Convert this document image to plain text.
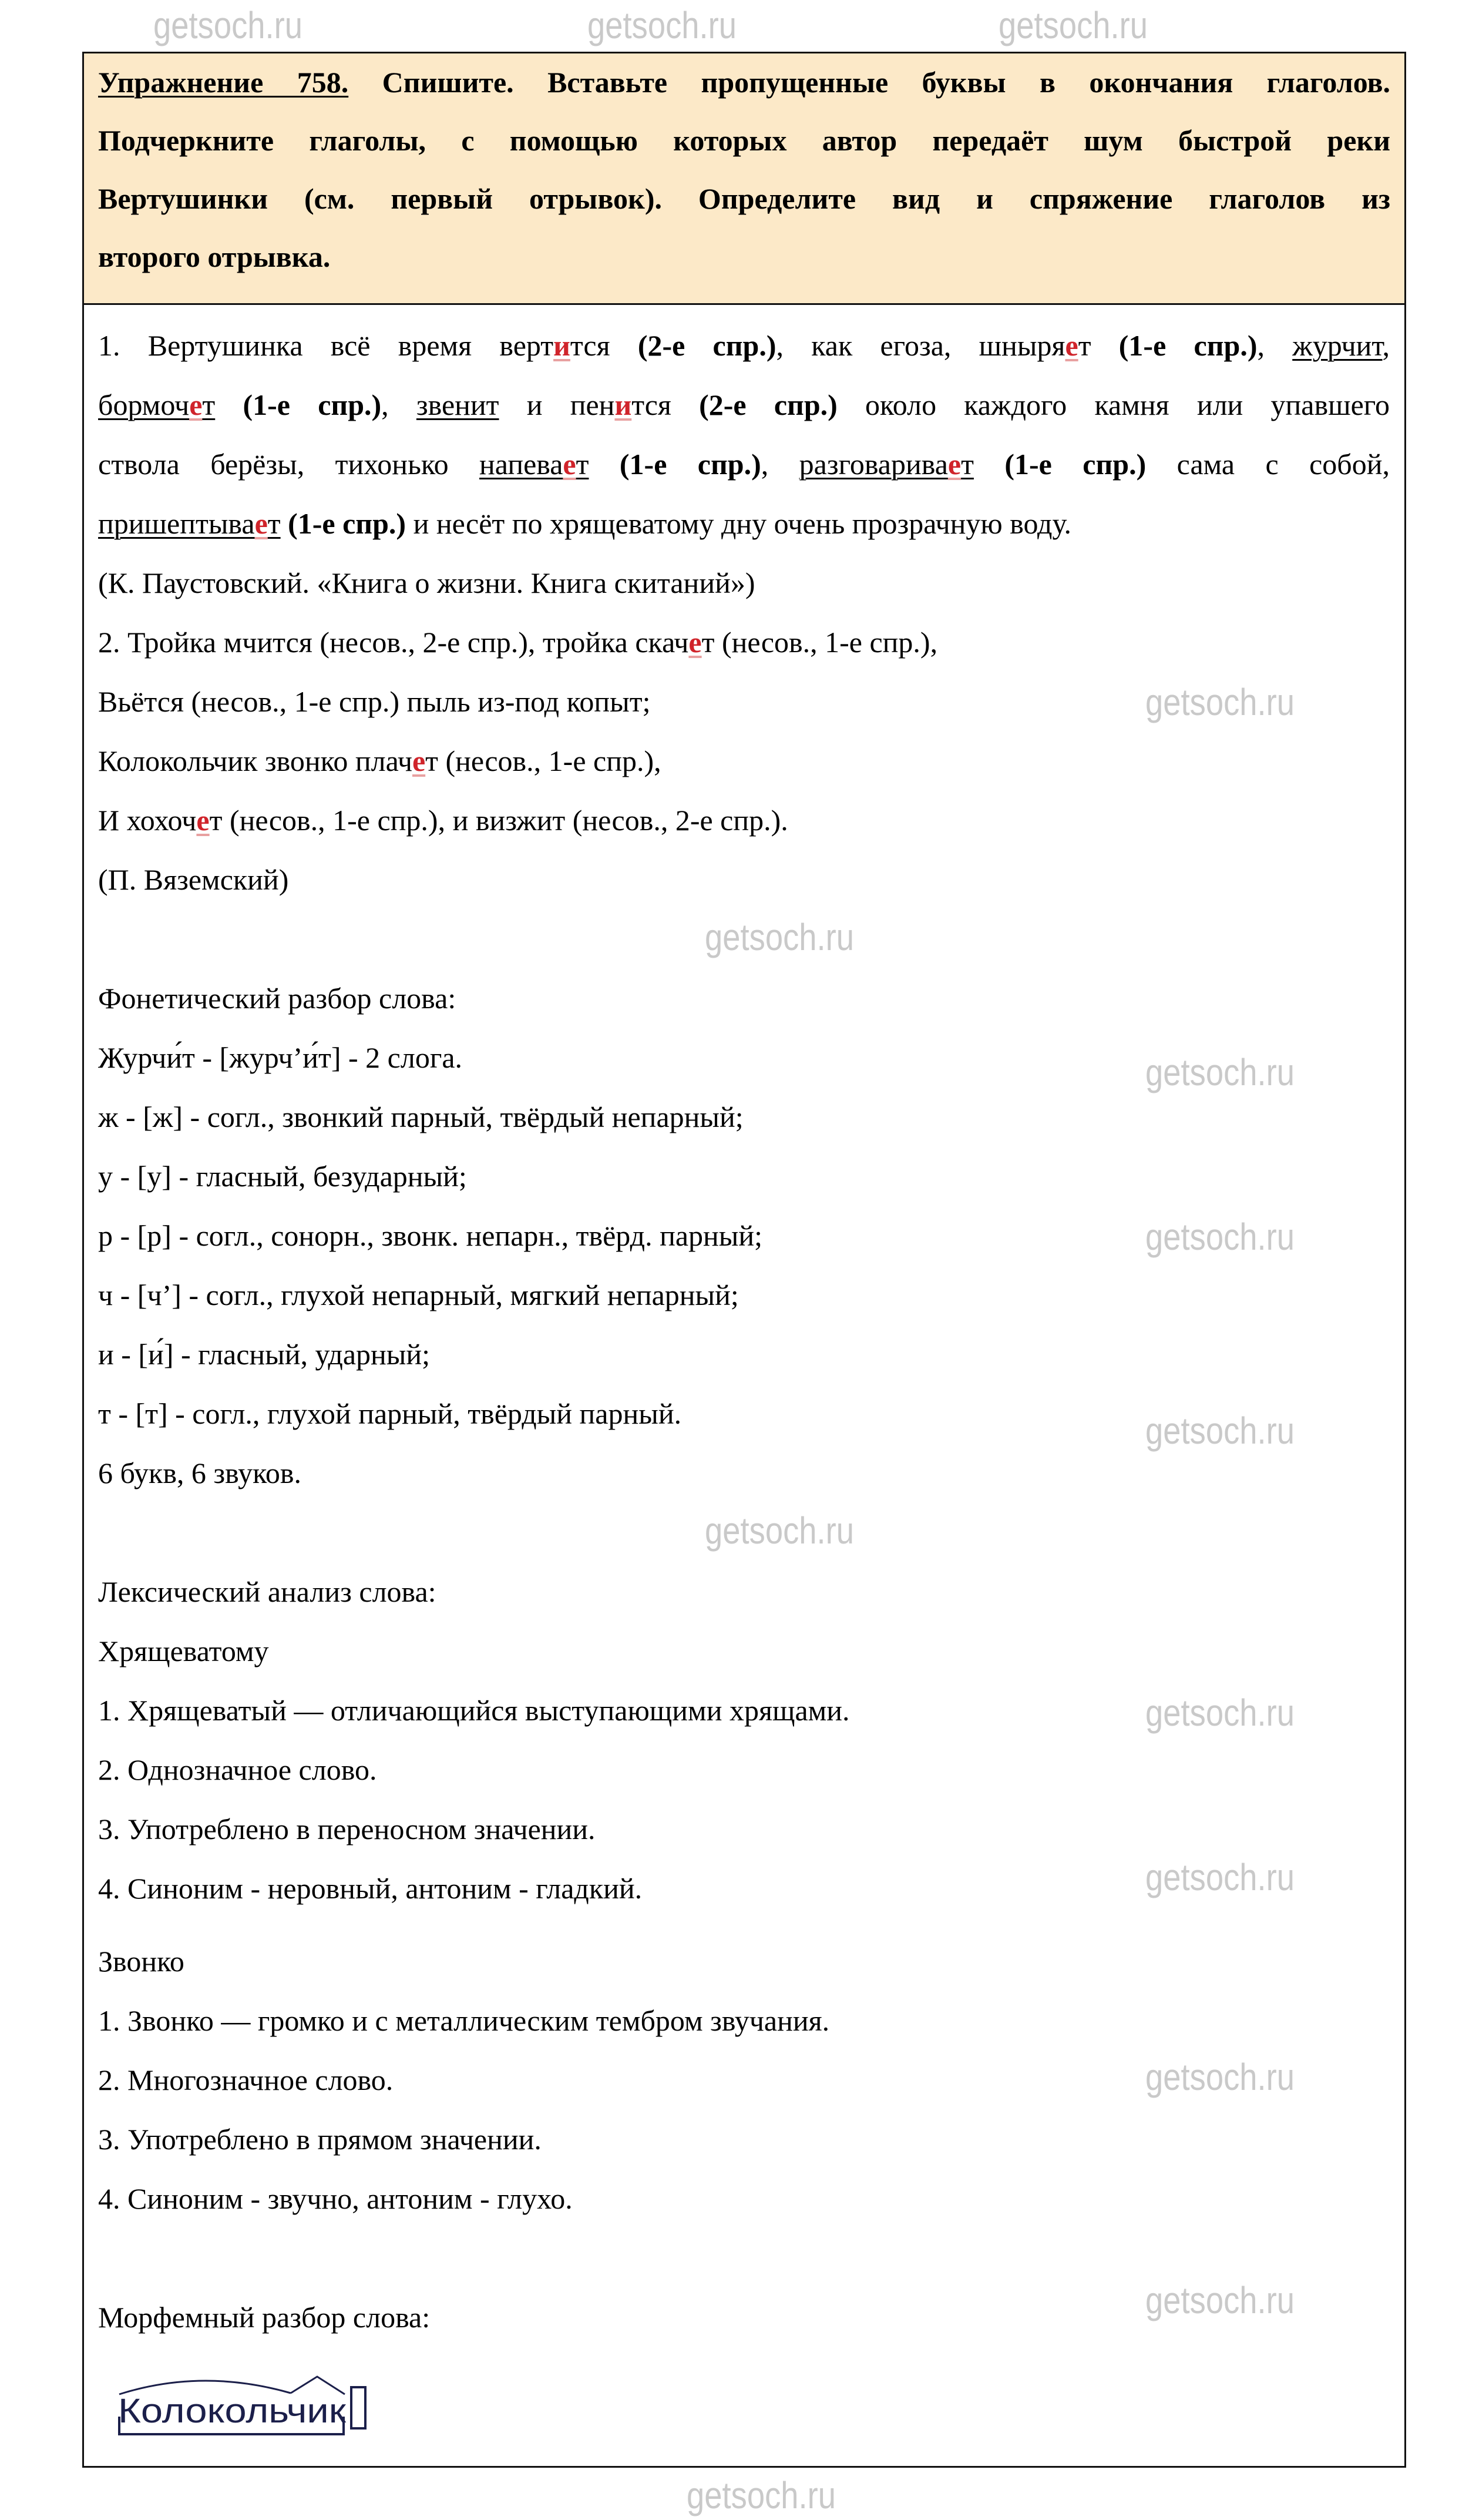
Упражнение 758. Спишите. Вставьте пропущенные буквы в окончания глаголов.
Подчеркните глаголы, с помощью которых автор передаёт шум быстрой реки
Вертушинки (см. первый отрывок). Определите вид и спряжение глаголов из
второго отрывка.
1. Вертушинка всё время вертится (2-е спр.), как егоза, шныряет (1-е спр.), журчит,
бормочет (1-е спр.), звенит и пенится (2-е спр.) около каждого камня или упавшего
ствола берёзы, тихонько напевает (1-е спр.), разговаривает (1-е спр.) сама с собой,
пришептывает (1-е спр.) и несёт по хрящеватому дну очень прозрачную воду.
(К. Паустовский. «Книга о жизни. Книга скитаний»)
2. Тройка мчится (несов., 2-е спр.), тройка скачет (несов., 1-е спр.),
Вьётся (несов., 1-е спр.) пыль из-под копыт;
Колокольчик звонко плачет (несов., 1-е спр.),
И хохочет (несов., 1-е спр.), и визжит (несов., 2-е спр.).
(П. Вяземский)
Фонетический разбор слова:
Журчи́т - [журч’и́т] - 2 слога.
ж - [ж] - согл., звонкий парный, твёрдый непарный;
у - [у] - гласный, безударный;
р - [р] - согл., сонорн., звонк. непарн., твёрд. парный;
ч - [ч’] - согл., глухой непарный, мягкий непарный;
и - [и́] - гласный, ударный;
т - [т] - согл., глухой парный, твёрдый парный.
6 букв, 6 звуков.
Лексический анализ слова:
Хрящеватому
1. Хрящеватый — отличающийся выступающими хрящами.
2. Однозначное слово.
3. Употреблено в переносном значении.
4. Синоним - неровный, антоним - гладкий.
Звонко
1. Звонко — громко и с металлическим тембром звучания.
2. Многозначное слово.
3. Употреблено в прямом значении.
4. Синоним - звучно, антоним - глухо.
Морфемный разбор слова:
Колокольчик
getsoch.ru	getsoch.ru	getsoch.ru
getsoch.ru
getsoch.ru
getsoch.ru
getsoch.ru
getsoch.ru
getsoch.ru
getsoch.ru
getsoch.ru
getsoch.ru
getsoch.ru
getsoch.ru
